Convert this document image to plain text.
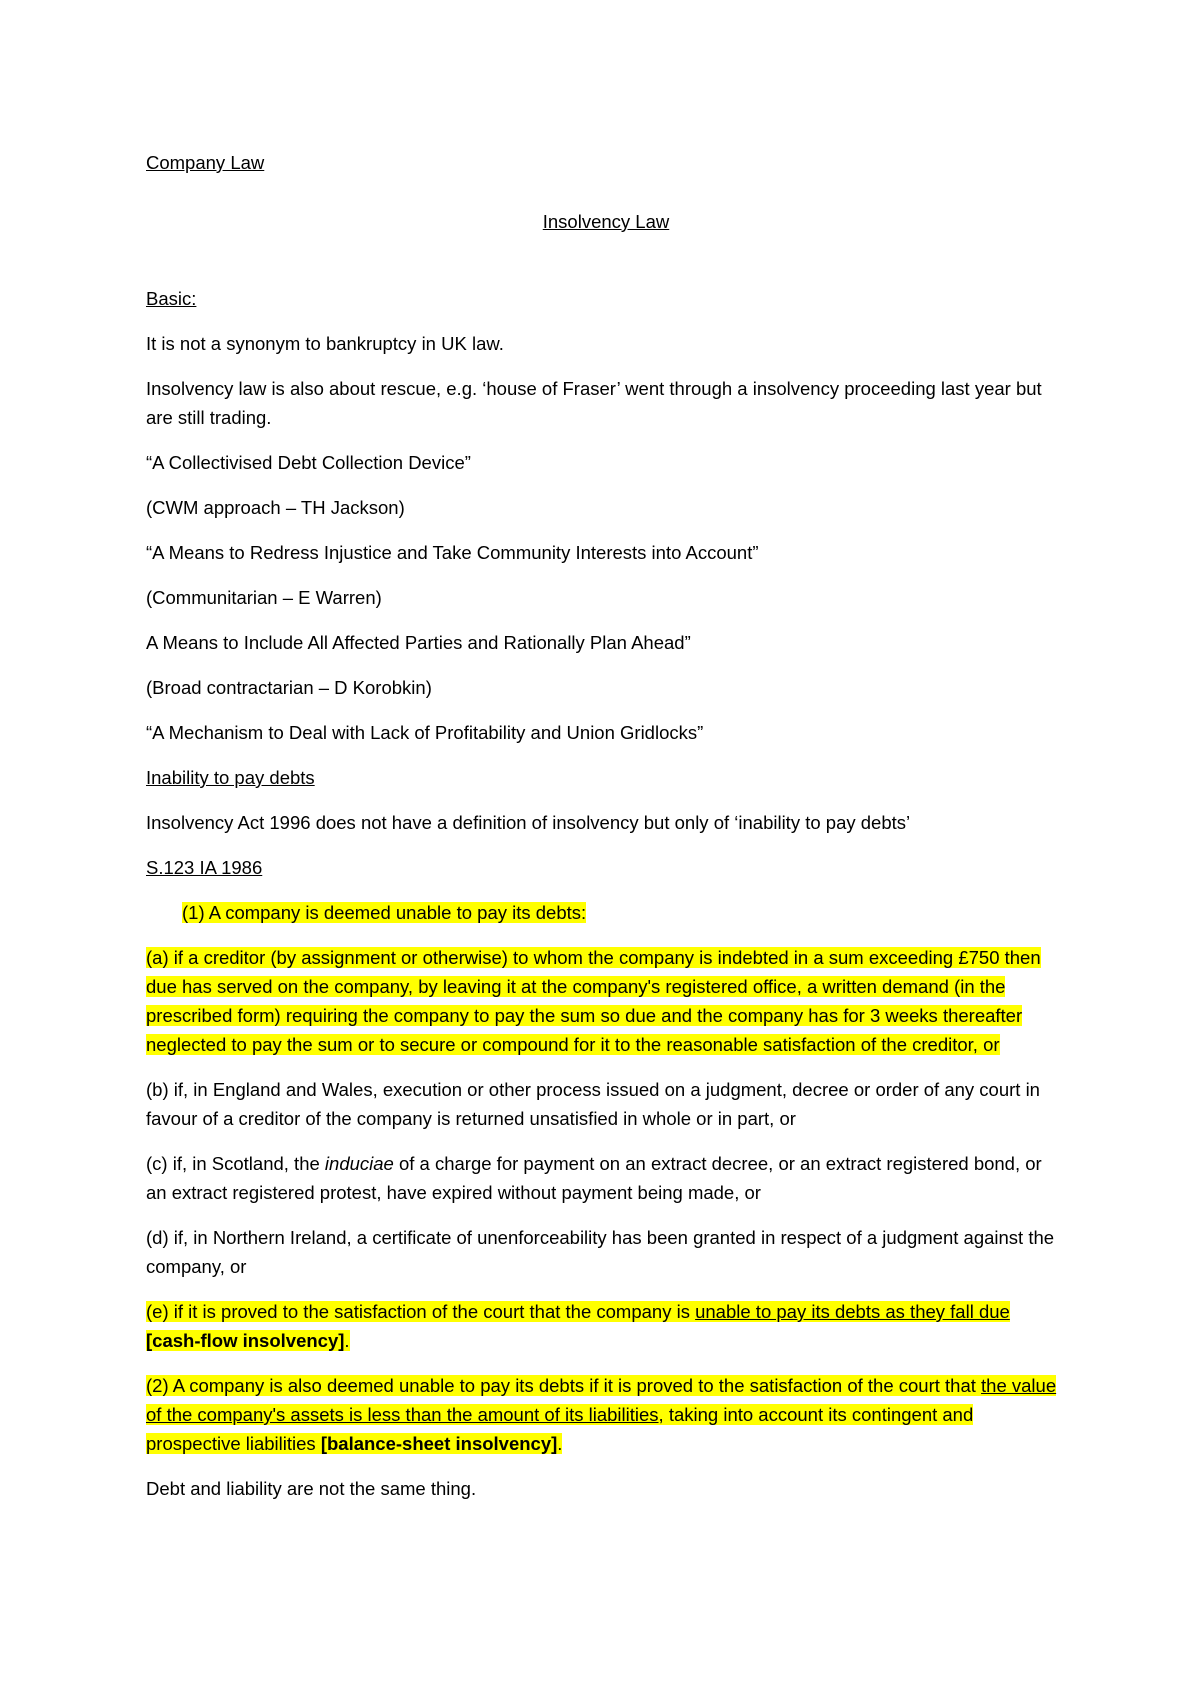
Company Law

Insolvency Law

Basic:

It is not a synonym to bankruptcy in UK law.

Insolvency law is also about rescue, e.g. ‘house of Fraser’ went through a insolvency proceeding last year but are still trading.

“A Collectivised Debt Collection Device”

(CWM approach – TH Jackson)

“A Means to Redress Injustice and Take Community Interests into Account”

(Communitarian – E Warren)

A Means to Include All Affected Parties and Rationally Plan Ahead”

(Broad contractarian – D Korobkin)

“A Mechanism to Deal with Lack of Profitability and Union Gridlocks”

Inability to pay debts

Insolvency Act 1996 does not have a definition of insolvency but only of ‘inability to pay debts’

S.123 IA 1986

(1) A company is deemed unable to pay its debts:

(a) if a creditor (by assignment or otherwise) to whom the company is indebted in a sum exceeding £750 then due has served on the company, by leaving it at the company's registered office, a written demand (in the prescribed form) requiring the company to pay the sum so due and the company has for 3 weeks thereafter neglected to pay the sum or to secure or compound for it to the reasonable satisfaction of the creditor, or

(b) if, in England and Wales, execution or other process issued on a judgment, decree or order of any court in favour of a creditor of the company is returned unsatisfied in whole or in part, or

(c) if, in Scotland, the induciae of a charge for payment on an extract decree, or an extract registered bond, or an extract registered protest, have expired without payment being made, or

(d) if, in Northern Ireland, a certificate of unenforceability has been granted in respect of a judgment against the company, or

(e) if it is proved to the satisfaction of the court that the company is unable to pay its debts as they fall due [cash-flow insolvency].

(2) A company is also deemed unable to pay its debts if it is proved to the satisfaction of the court that the value of the company's assets is less than the amount of its liabilities, taking into account its contingent and prospective liabilities [balance-sheet insolvency].

Debt and liability are not the same thing.
